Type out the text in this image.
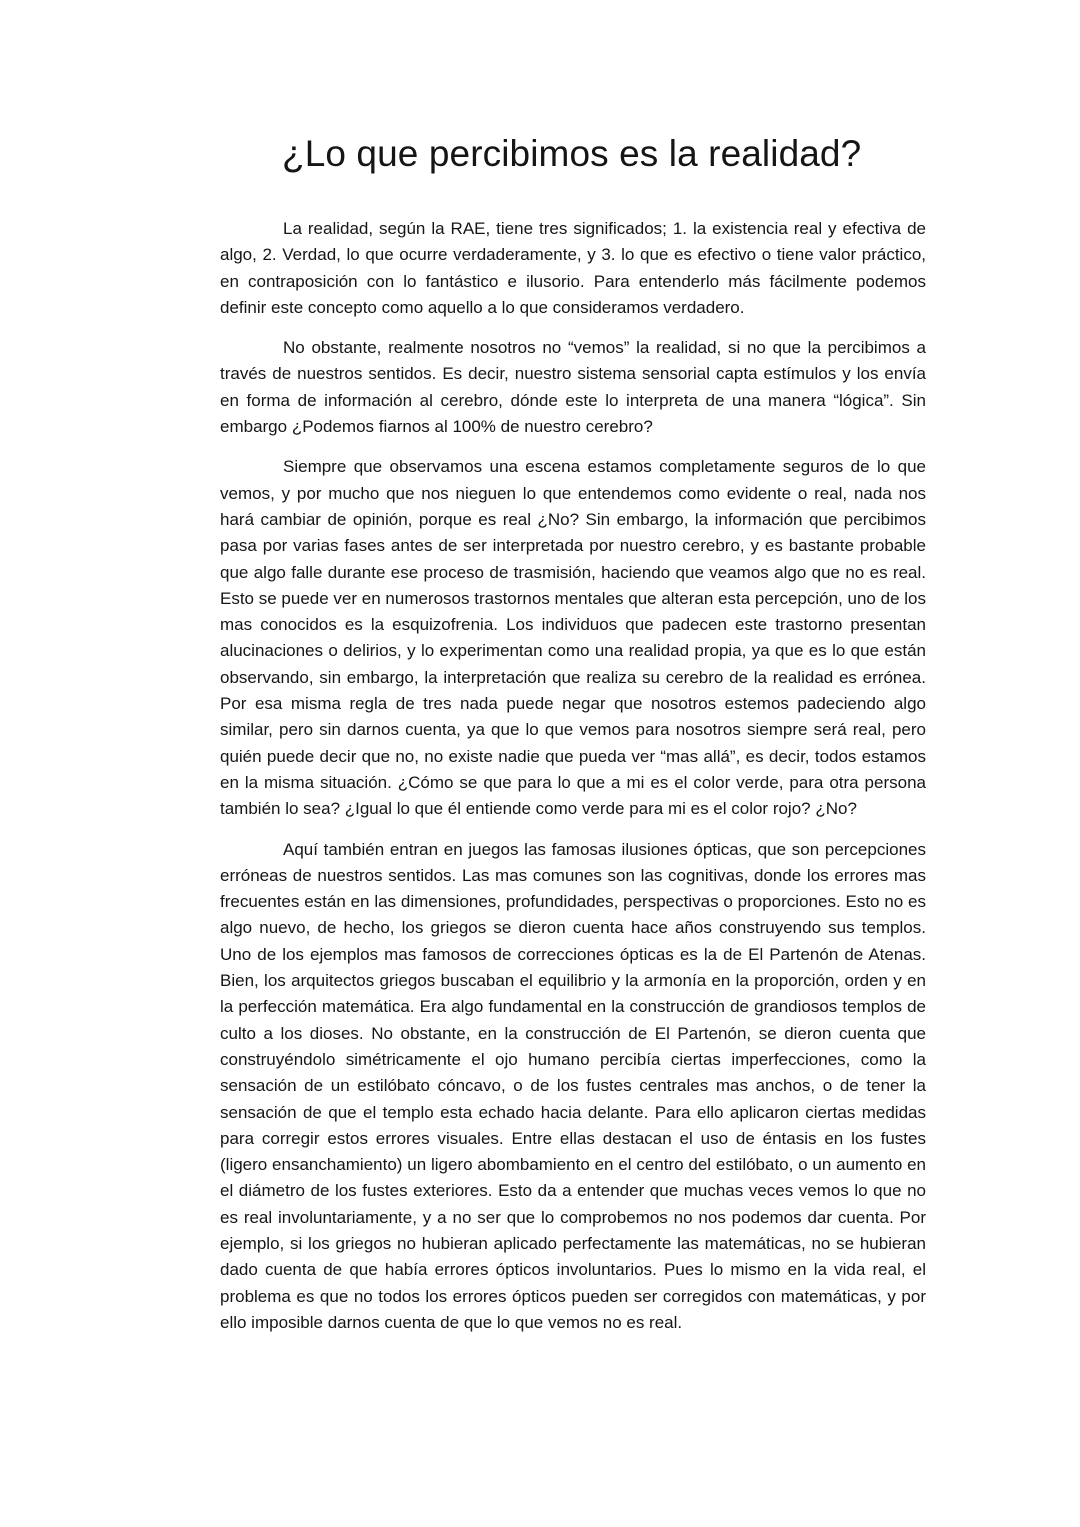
¿Lo que percibimos es la realidad?

La realidad, según la RAE, tiene tres significados; 1. la existencia real y efectiva de algo, 2. Verdad, lo que ocurre verdaderamente, y 3. lo que es efectivo o tiene valor práctico, en contraposición con lo fantástico e ilusorio. Para entenderlo más fácilmente podemos definir este concepto como aquello a lo que consideramos verdadero.

No obstante, realmente nosotros no “vemos” la realidad, si no que la percibimos a través de nuestros sentidos. Es decir, nuestro sistema sensorial capta estímulos y los envía en forma de información al cerebro, dónde este lo interpreta de una manera “lógica”. Sin embargo ¿Podemos fiarnos al 100% de nuestro cerebro?

Siempre que observamos una escena estamos completamente seguros de lo que vemos, y por mucho que nos nieguen lo que entendemos como evidente o real, nada nos hará cambiar de opinión, porque es real ¿No? Sin embargo, la información que percibimos pasa por varias fases antes de ser interpretada por nuestro cerebro, y es bastante probable que algo falle durante ese proceso de trasmisión, haciendo que veamos algo que no es real. Esto se puede ver en numerosos trastornos mentales que alteran esta percepción, uno de los mas conocidos es la esquizofrenia. Los individuos que padecen este trastorno presentan alucinaciones o delirios, y lo experimentan como una realidad propia, ya que es lo que están observando, sin embargo, la interpretación que realiza su cerebro de la realidad es errónea. Por esa misma regla de tres nada puede negar que nosotros estemos padeciendo algo similar, pero sin darnos cuenta, ya que lo que vemos para nosotros siempre será real, pero quién puede decir que no, no existe nadie que pueda ver “mas allá”, es decir, todos estamos en la misma situación. ¿Cómo se que para lo que a mi es el color verde, para otra persona también lo sea? ¿Igual lo que él entiende como verde para mi es el color rojo? ¿No?

Aquí también entran en juegos las famosas ilusiones ópticas, que son percepciones erróneas de nuestros sentidos. Las mas comunes son las cognitivas, donde los errores mas frecuentes están en las dimensiones, profundidades, perspectivas o proporciones. Esto no es algo nuevo, de hecho, los griegos se dieron cuenta hace años construyendo sus templos. Uno de los ejemplos mas famosos de correcciones ópticas es la de El Partenón de Atenas. Bien, los arquitectos griegos buscaban el equilibrio y la armonía en la proporción, orden y en la perfección matemática. Era algo fundamental en la construcción de grandiosos templos de culto a los dioses. No obstante, en la construcción de El Partenón, se dieron cuenta que construyéndolo simétricamente el ojo humano percibía ciertas imperfecciones, como la sensación de un estilóbato cóncavo, o de los fustes centrales mas anchos, o de tener la sensación de que el templo esta echado hacia delante. Para ello aplicaron ciertas medidas para corregir estos errores visuales. Entre ellas destacan el uso de éntasis en los fustes (ligero ensanchamiento) un ligero abombamiento en el centro del estilóbato, o un aumento en el diámetro de los fustes exteriores. Esto da a entender que muchas veces vemos lo que no es real involuntariamente, y a no ser que lo comprobemos no nos podemos dar cuenta. Por ejemplo, si los griegos no hubieran aplicado perfectamente las matemáticas, no se hubieran dado cuenta de que había errores ópticos involuntarios. Pues lo mismo en la vida real, el problema es que no todos los errores ópticos pueden ser corregidos con matemáticas, y por ello imposible darnos cuenta de que lo que vemos no es real.
